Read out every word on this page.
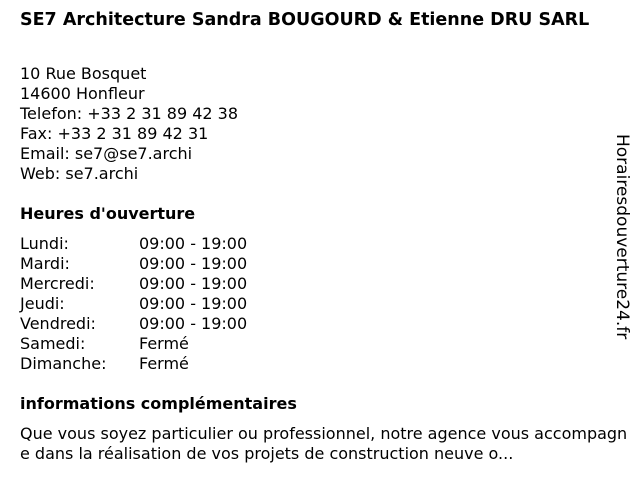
SE7 Architecture Sandra BOUGOURD & Etienne DRU SARL
10 Rue Bosquet
14600 Honfleur
Telefon: +33 2 31 89 42 38
Fax: +33 2 31 89 42 31
Email: se7@se7.archi
Web: se7.archi
Heures d'ouverture
Lundi:	09:00 - 19:00
Mardi:	09:00 - 19:00
Mercredi:	09:00 - 19:00
Jeudi:	09:00 - 19:00
Vendredi:	09:00 - 19:00
Samedi:	Fermé
Dimanche: Fermé
informations complémentaires
Que vous soyez particulier ou professionnel, notre agence vous accompagne dans la réalisation de vos projets de construction neuve o...
Horairesdouverture24.fr
